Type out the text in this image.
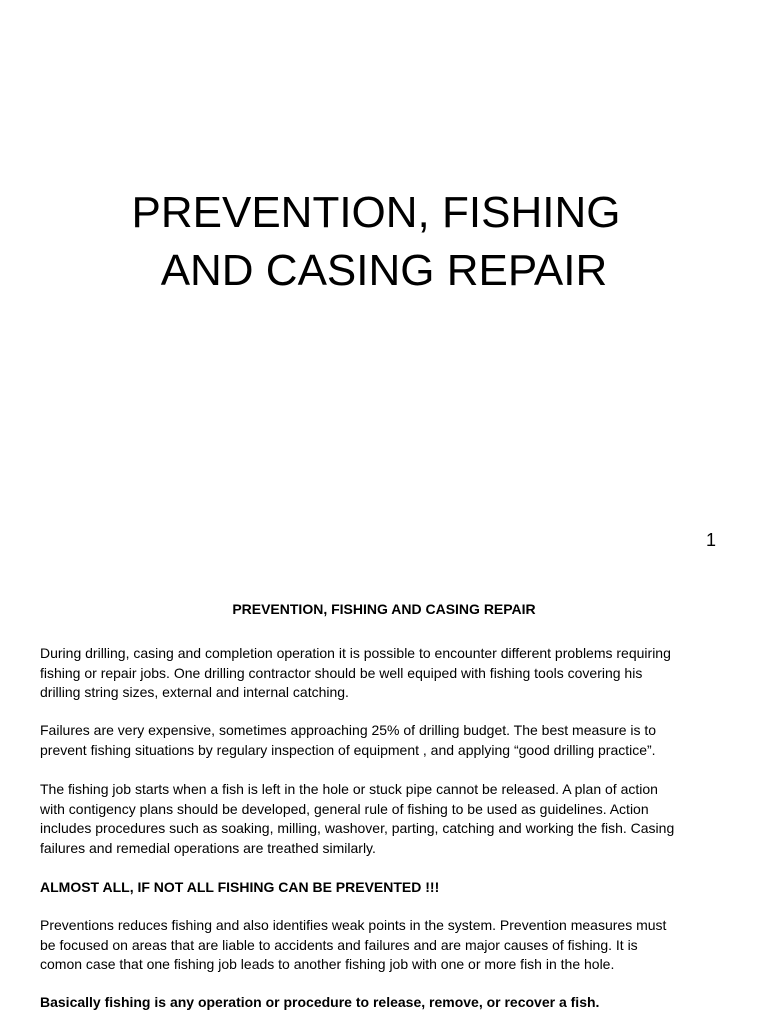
PREVENTION, FISHING

AND CASING REPAIR

1
PREVENTION, FISHING AND CASING REPAIR

During drilling, casing and completion operation it is possible to encounter different problems requiring
fishing or repair jobs. One drilling contractor should be well equiped with fishing tools covering his
drilling string sizes, external and internal catching.

Failures are very expensive, sometimes approaching 25% of drilling budget. The best measure is to
prevent fishing situations by regulary inspection of equipment , and applying “good drilling practice”.

The fishing job starts when a fish is left in the hole or stuck pipe cannot be released. A plan of action
with contigency plans should be developed, general rule of fishing to be used as guidelines. Action
includes procedures such as soaking, milling, washover, parting, catching and working the fish. Casing
failures and remedial operations are treathed similarly.

ALMOST ALL, IF NOT ALL FISHING CAN BE PREVENTED !!!

Preventions reduces fishing and also identifies weak points in the system. Prevention measures must
be focused on areas that are liable to accidents and failures and are major causes of fishing. It is
comon case that one fishing job leads to another fishing job with one or more fish in the hole.

Basically fishing is any operation or procedure to release, remove, or recover a fish.
